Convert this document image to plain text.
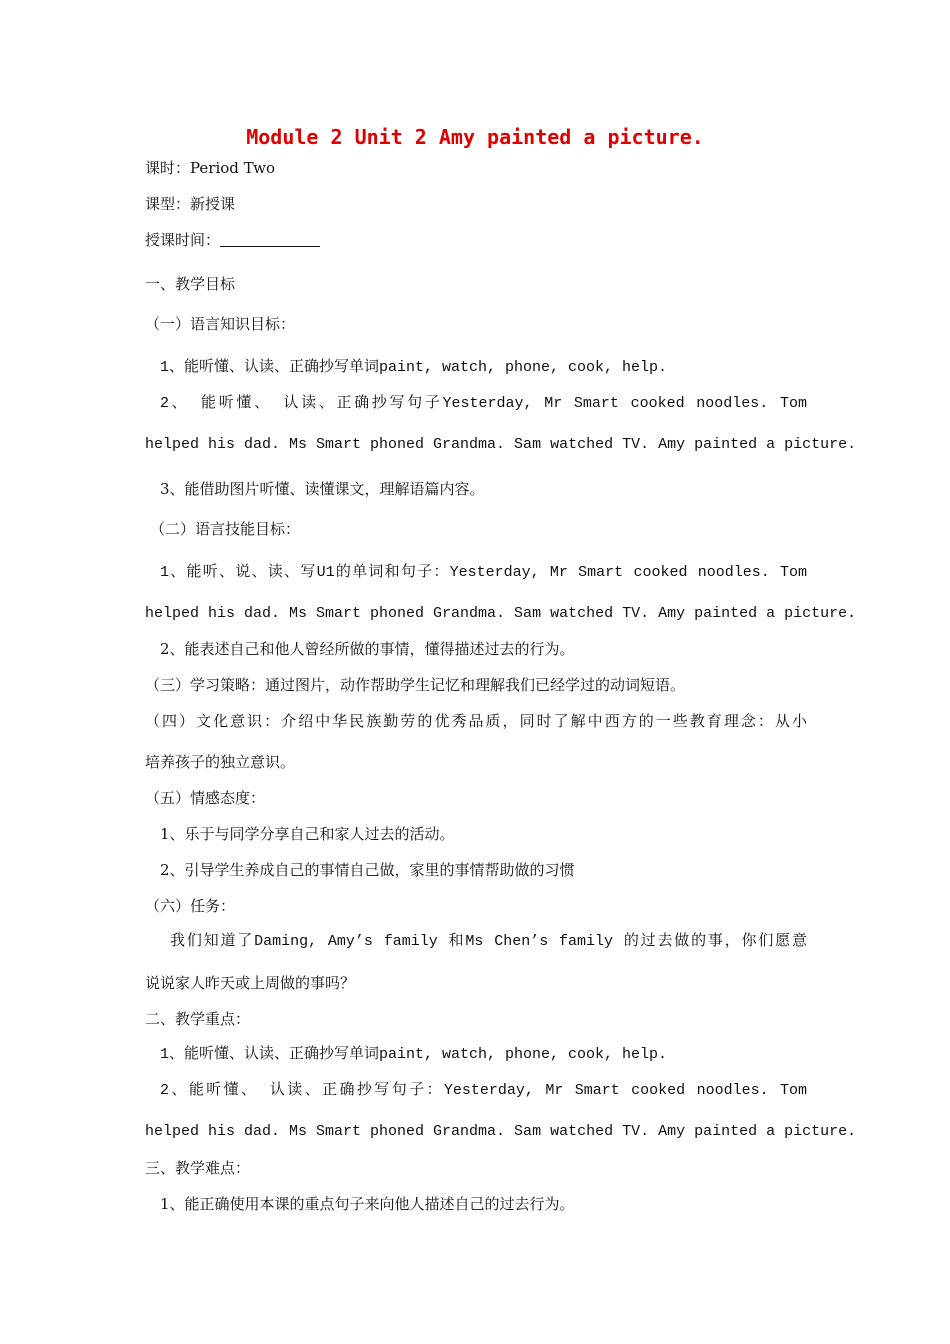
Module 2 Unit 2 Amy painted a picture.
课时：Period Two
课型：新授课
授课时间：
一、教学目标
（一）语言知识目标：
1、能听懂、认读、正确抄写单词paint, watch, phone, cook, help.
2、 能听懂、 认读、正确抄写句子Yesterday, Mr Smart cooked noodles. Tom
helped his dad. Ms Smart phoned Grandma. Sam watched TV. Amy painted a picture.
3、能借助图片听懂、读懂课文，理解语篇内容。
（二）语言技能目标：
1、能听、说、读、写U1的单词和句子：Yesterday, Mr Smart cooked noodles. Tom
helped his dad. Ms Smart phoned Grandma. Sam watched TV. Amy painted a picture.
2、能表述自己和他人曾经所做的事情，懂得描述过去的行为。
（三）学习策略：通过图片，动作帮助学生记忆和理解我们已经学过的动词短语。
（四）文化意识：介绍中华民族勤劳的优秀品质，同时了解中西方的一些教育理念：从小
培养孩子的独立意识。
（五）情感态度：
1、乐于与同学分享自己和家人过去的活动。
2、引导学生养成自己的事情自己做，家里的事情帮助做的习惯
（六）任务：
我们知道了Daming, Amy’s family 和Ms Chen’s family 的过去做的事，你们愿意
说说家人昨天或上周做的事吗？
二、教学重点：
1、能听懂、认读、正确抄写单词paint, watch, phone, cook, help.
2、能听懂、 认读、正确抄写句子：Yesterday, Mr Smart cooked noodles. Tom
helped his dad. Ms Smart phoned Grandma. Sam watched TV. Amy painted a picture.
三、教学难点：
1、能正确使用本课的重点句子来向他人描述自己的过去行为。
